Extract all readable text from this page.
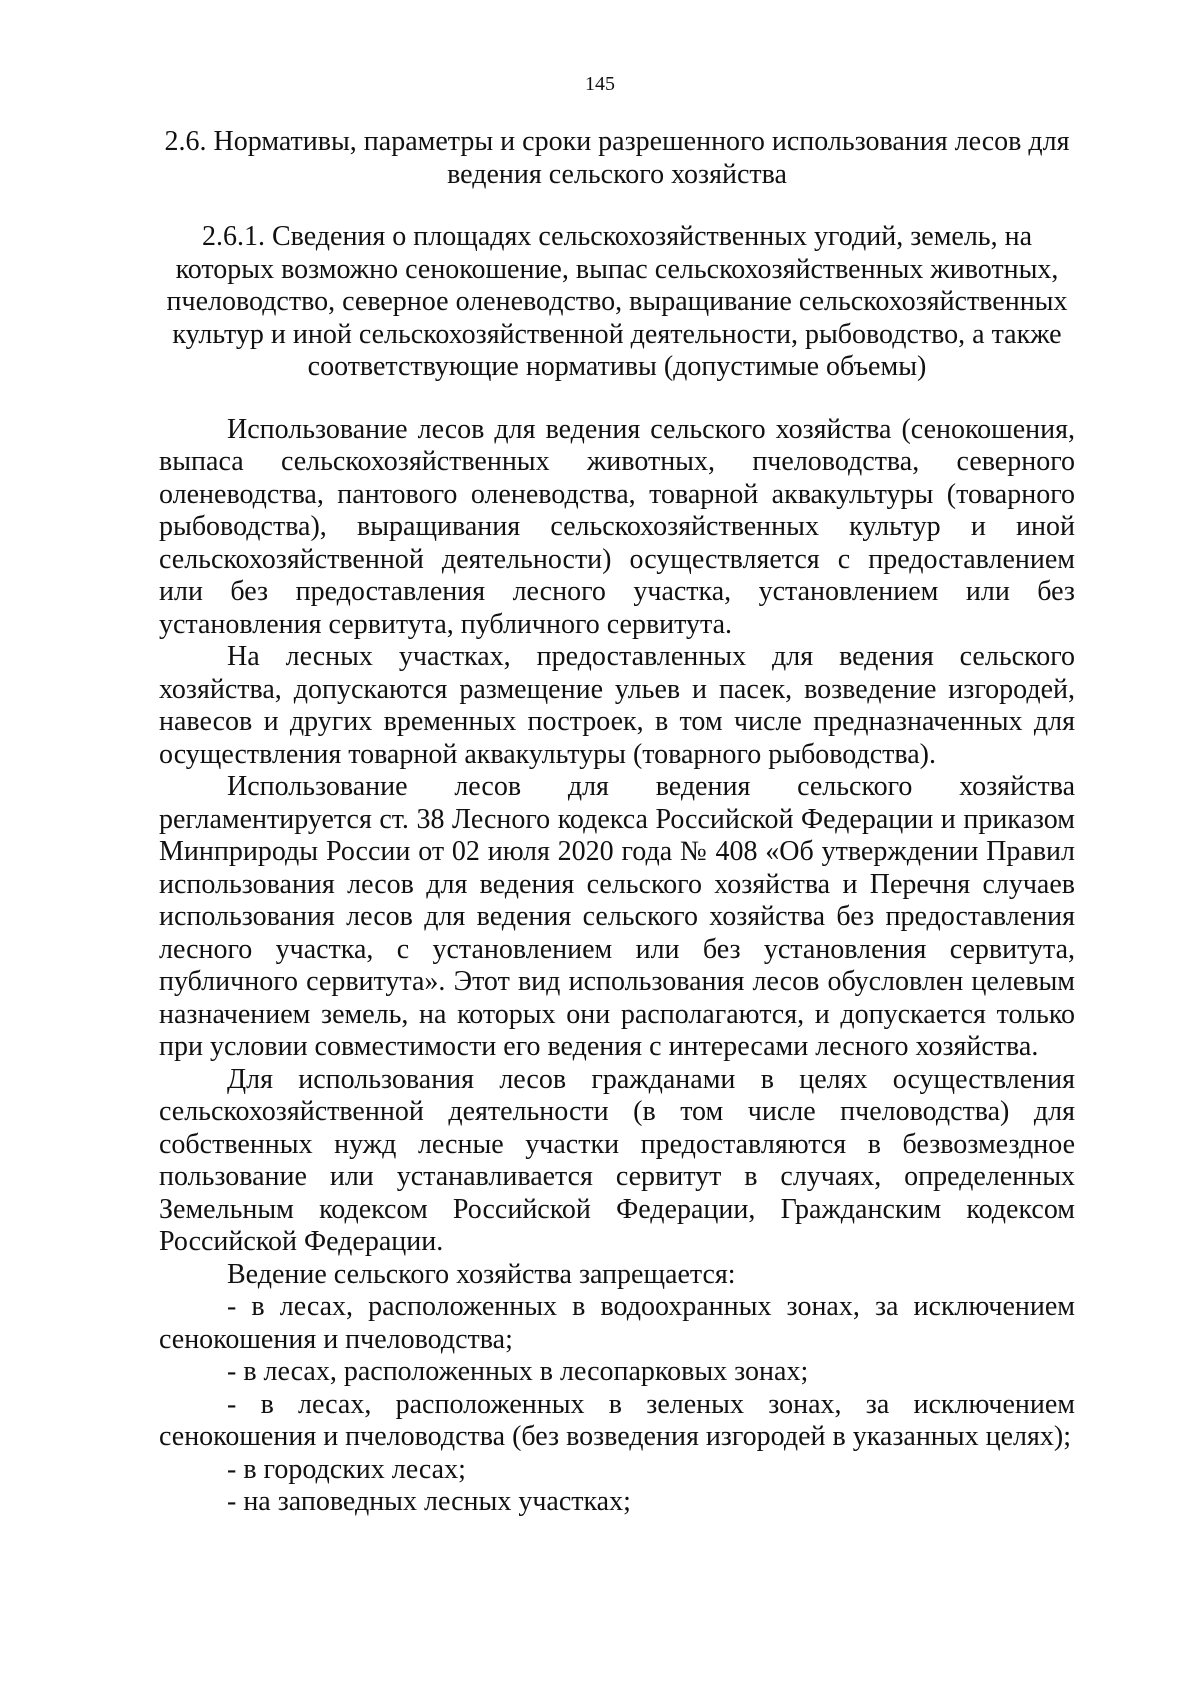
145
2.6. Нормативы, параметры и сроки разрешенного использования лесов для ведения сельского хозяйства
2.6.1. Сведения о площадях сельскохозяйственных угодий, земель, на которых возможно сенокошение, выпас сельскохозяйственных животных, пчеловодство, северное оленеводство, выращивание сельскохозяйственных культур и иной сельскохозяйственной деятельности, рыбоводство, а также соответствующие нормативы (допустимые объемы)

Использование лесов для ведения сельского хозяйства (сенокошения, выпаса сельскохозяйственных животных, пчеловодства, северного оленеводства, пантового оленеводства, товарной аквакультуры (товарного рыбоводства), выращивания сельскохозяйственных культур и иной сельскохозяйственной деятельности) осуществляется с предоставлением или без предоставления лесного участка, установлением или без установления сервитута, публичного сервитута.

На лесных участках, предоставленных для ведения сельского хозяйства, допускаются размещение ульев и пасек, возведение изгородей, навесов и других временных построек, в том числе предназначенных для осуществления товарной аквакультуры (товарного рыбоводства).

Использование лесов для ведения сельского хозяйства регламентируется ст. 38 Лесного кодекса Российской Федерации и приказом Минприроды России от 02 июля 2020 года № 408 «Об утверждении Правил использования лесов для ведения сельского хозяйства и Перечня случаев использования лесов для ведения сельского хозяйства без предоставления лесного участка, с установлением или без установления сервитута, публичного сервитута». Этот вид использования лесов обусловлен целевым назначением земель, на которых они располагаются, и допускается только при условии совместимости его ведения с интересами лесного хозяйства.

Для использования лесов гражданами в целях осуществления сельскохозяйственной деятельности (в том числе пчеловодства) для собственных нужд лесные участки предоставляются в безвозмездное пользование или устанавливается сервитут в случаях, определенных Земельным кодексом Российской Федерации, Гражданским кодексом Российской Федерации.

Ведение сельского хозяйства запрещается:

- в лесах, расположенных в водоохранных зонах, за исключением сенокошения и пчеловодства;

- в лесах, расположенных в лесопарковых зонах;

- в лесах, расположенных в зеленых зонах, за исключением сенокошения и пчеловодства (без возведения изгородей в указанных целях);

- в городских лесах;

- на заповедных лесных участках;
